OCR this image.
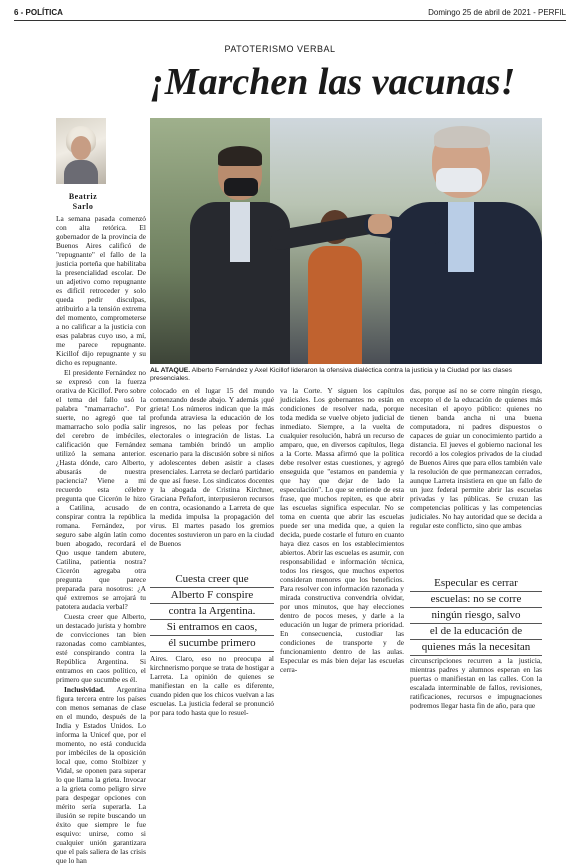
6 - POLÍTICA	Domingo 25 de abril de 2021 - PERFIL
PATOTERISMO VERBAL
¡Marchen las vacunas!
Beatriz
Sarlo

La semana pasada comenzó con alta retórica. El gobernador de la provincia de Buenos Aires calificó de "repugnante" el fallo de la justicia porteña que habilitaba la presencialidad escolar. De un adjetivo como repugnante es difícil retroceder y solo queda pedir disculpas, atribuirlo a la tensión extrema del momento, comprometerse a no calificar a la justicia con esas palabras cuyo uso, a mí, me parece repugnante. Kicillof dijo repugnante y su dicho es repugnante.

El presidente Fernández no se expresó con la fuerza orativa de Kicillof. Pero sobre el tema del fallo usó la palabra "mamarracho". Por suerte, no agregó que tal mamarracho solo podía salir del cerebro de imbéciles, calificación que Fernández utilizó la semana anterior. ¿Hasta dónde, caro Alberto, abusarás de nuestra paciencia? Viene a mi recuerdo esta célebre pregunta que Cicerón le hizo a Catilina, acusado de conspirar contra la república romana. Fernández, por seguro sabe algún latín como buen abogado, recordará el Quo usque tandem abutere, Catilina, patientia nostra? Cicerón agregaba otra pregunta que parece preparada para nosotros: ¿A qué extremos se arrojará tu patotera audacia verbal?

Cuesta creer que Alberto, un destacado jurista y hombre de convicciones tan bien razonadas como cambiantes, esté conspirando contra la República Argentina. Si entramos en caos político, el primero que sucumbe es él.

Inclusividad. Argentina figura tercera entre los países con menos semanas de clase en el mundo, después de la India y Estados Unidos. Lo informa la Unicef que, por el momento, no está conducida por imbéciles de la oposición local que, como Stolbizer y Vidal, se oponen para superar lo que llama la grieta. Invocar a la grieta como peligro sirve para despegar opciones con mérito sería superarla. La ilusión se repite buscando un éxito que siempre le fue esquivo: unirse, como si cualquier unión garantizara que el país saliera de las crisis que lo han

AL ATAQUE. Alberto Fernández y Axel Kicillof lideraron la ofensiva dialéctica contra la justicia y la Ciudad por las clases presenciales.

colocado en el lugar 15 del mundo comenzando desde abajo. Y además ¡qué grieta! Los números indican que la más profunda atraviesa la educación de los ingresos, no las peleas por fechas electorales o integración de listas. La semana también brindó un amplio escenario para la discusión sobre si niños y adolescentes deben asistir a clases presenciales. Larreta se declaró partidario de que así fuese. Los sindicatos docentes y la abogada de Cristina Kirchner, Graciana Peñafort, interpusieron recursos en contra, ocasionando a Larreta de que la medida impulsa la propagación del virus. El martes pasado los gremios docentes sostuvieron un paro en la ciudad de Buenos

Cuesta creer que
Alberto F conspire
contra la Argentina.
Si entramos en caos,
él sucumbe primero

Aires. Claro, eso no preocupa al kirchnerismo porque se trata de hostigar a Larreta. La opinión de quienes se manifiestan en la calle es diferente, cuando piden que los chicos vuelvan a las escuelas. La justicia federal se pronunció por para todo hasta que lo resuel-

va la Corte. Y siguen los capítulos judiciales. Los gobernantes no están en condiciones de resolver nada, porque toda medida se vuelve objeto judicial de inmediato. Siempre, a la vuelta de cualquier resolución, habrá un recurso de amparo, que, en diversos capítulos, llega a la Corte. Massa afirmó que la política debe resolver estas cuestiones, y agregó enseguida que "estamos en pandemia y que hay que dejar de lado la especulación". Lo que se entiende de esta frase, que muchos repiten, es que abrir las escuelas significa especular. No se toma en cuenta que abrir las escuelas puede ser una medida que, a quien la decida, puede costarle el futuro en cuanto haya diez casos en los establecimientos abiertos. Abrir las escuelas es asumir, con responsabilidad e información técnica, todos los riesgos, que muchos expertos consideran menores que los beneficios. Para resolver con información razonada y mirada constructiva convendría olvidar, por unos minutos, que hay elecciones dentro de pocos meses, y darle a la educación un lugar de primera prioridad. En consecuencia, custodiar las condiciones de transporte y de funcionamiento dentro de las aulas. Especular es más bien dejar las escuelas cerra-

das, porque así no se corre ningún riesgo, excepto el de la educación de quienes más necesitan el apoyo público: quienes no tienen banda ancha ni una buena computadora, ni padres dispuestos o capaces de guiar un conocimiento partido a distancia. El jueves el gobierno nacional les recordó a los colegios privados de la ciudad de Buenos Aires que para ellos también vale la resolución de que permanezcan cerrados, aunque Larreta insistiera en que un fallo de un juez federal permite abrir las escuelas privadas y las públicas. Se cruzan las competencias políticas y las competencias judiciales. No hay autoridad que se decida a regular este conflicto, sino que ambas

Especular es cerrar
escuelas: no se corre
ningún riesgo, salvo
el de la educación de
quienes más la necesitan

circunscripciones recurren a la justicia, mientras padres y alumnos esperan en las puertas o manifiestan en las calles. Con la escalada interminable de fallos, revisiones, ratificaciones, recursos e impugnaciones podremos llegar hasta fin de año, para que
